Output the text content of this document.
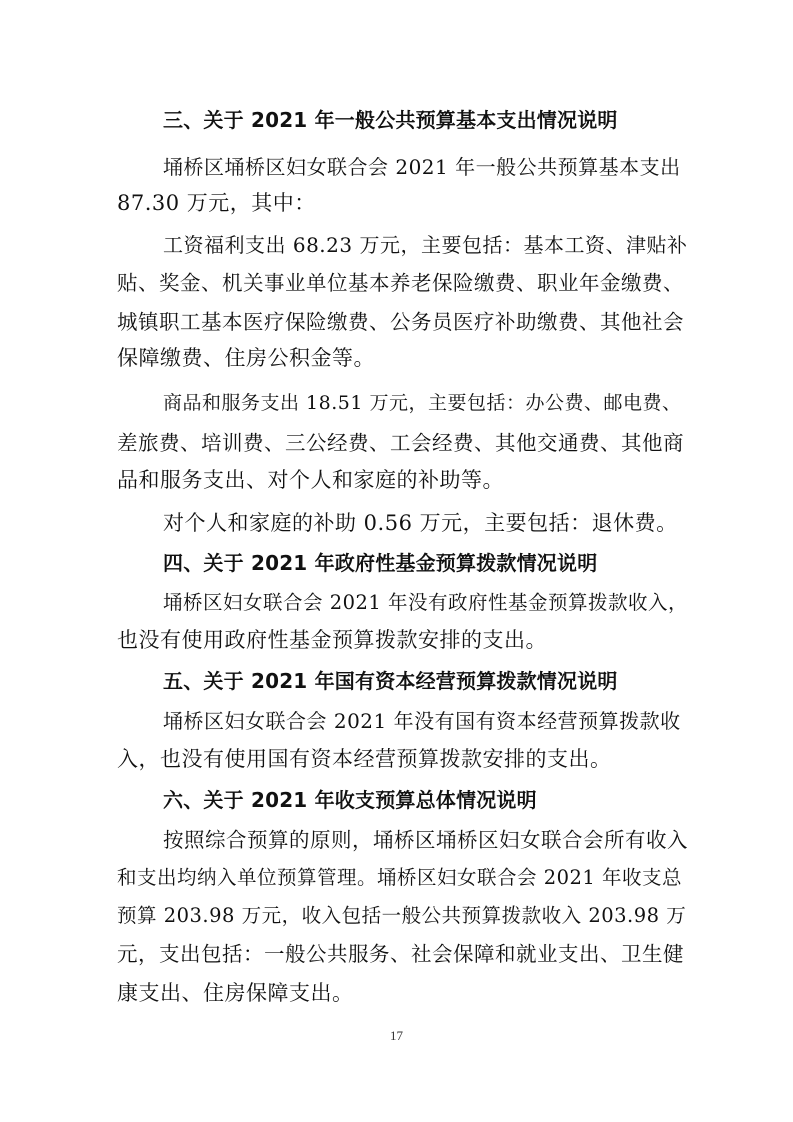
三、关于 2021 年一般公共预算基本支出情况说明
埇桥区埇桥区妇女联合会 2021 年一般公共预算基本支出
87.30 万元，其中：
工资福利支出 68.23 万元，主要包括：基本工资、津贴补
贴、奖金、机关事业单位基本养老保险缴费、职业年金缴费、
城镇职工基本医疗保险缴费、公务员医疗补助缴费、其他社会
保障缴费、住房公积金等。
商品和服务支出 18.51 万元，主要包括：办公费、邮电费、
差旅费、培训费、三公经费、工会经费、其他交通费、其他商
品和服务支出、对个人和家庭的补助等。
对个人和家庭的补助 0.56 万元，主要包括：退休费。
四、关于 2021 年政府性基金预算拨款情况说明
埇桥区妇女联合会 2021 年没有政府性基金预算拨款收入，
也没有使用政府性基金预算拨款安排的支出。
五、关于 2021 年国有资本经营预算拨款情况说明
埇桥区妇女联合会 2021 年没有国有资本经营预算拨款收
入，也没有使用国有资本经营预算拨款安排的支出。
六、关于 2021 年收支预算总体情况说明
按照综合预算的原则，埇桥区埇桥区妇女联合会所有收入
和支出均纳入单位预算管理。埇桥区妇女联合会 2021 年收支总
预算 203.98 万元，收入包括一般公共预算拨款收入 203.98 万
元，支出包括：一般公共服务、社会保障和就业支出、卫生健
康支出、住房保障支出。
17
